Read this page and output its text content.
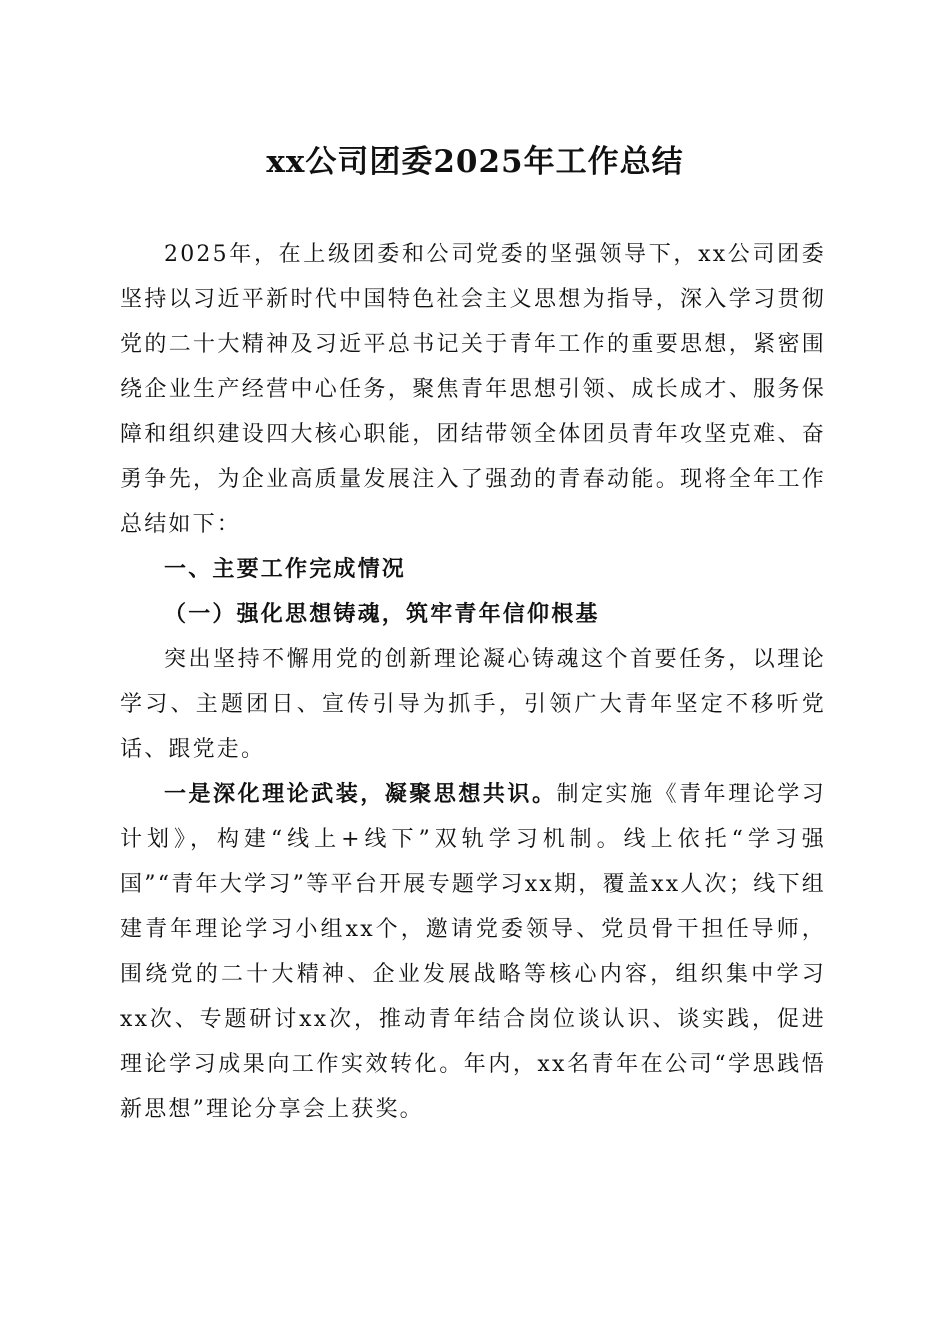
xx公司团委2025年工作总结

2025年，在上级团委和公司党委的坚强领导下，xx公司团委坚持以习近平新时代中国特色社会主义思想为指导，深入学习贯彻党的二十大精神及习近平总书记关于青年工作的重要思想，紧密围绕企业生产经营中心任务，聚焦青年思想引领、成长成才、服务保障和组织建设四大核心职能，团结带领全体团员青年攻坚克难、奋勇争先，为企业高质量发展注入了强劲的青春动能。现将全年工作总结如下：

一、主要工作完成情况

（一）强化思想铸魂，筑牢青年信仰根基

突出坚持不懈用党的创新理论凝心铸魂这个首要任务，以理论学习、主题团日、宣传引导为抓手，引领广大青年坚定不移听党话、跟党走。

一是深化理论武装，凝聚思想共识。制定实施《青年理论学习计划》，构建“线上+线下”双轨学习机制。线上依托“学习强国”“青年大学习”等平台开展专题学习xx期，覆盖xx人次；线下组建青年理论学习小组xx个，邀请党委领导、党员骨干担任导师，围绕党的二十大精神、企业发展战略等核心内容，组织集中学习xx次、专题研讨xx次，推动青年结合岗位谈认识、谈实践，促进理论学习成果向工作实效转化。年内，xx名青年在公司“学思践悟新思想”理论分享会上获奖。
